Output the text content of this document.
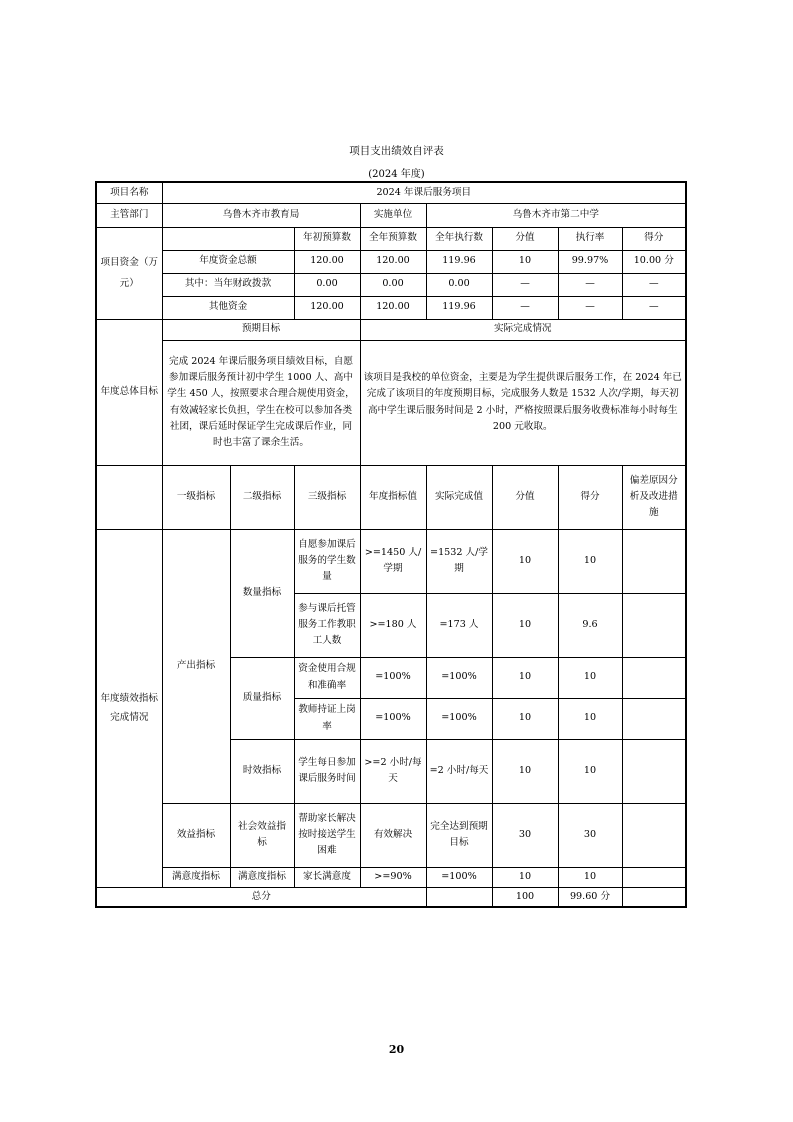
项目支出绩效自评表
(2024 年度)
项目名称	2024 年课后服务项目							
主管部门	乌鲁木齐市教育局			实施单位	乌鲁木齐市第二中学			
项目资金（万元）			年初预算数	全年预算数	全年执行数	分值	执行率	得分
	年度资金总额		120.00	120.00	119.96	10	99.97%	10.00 分
	其中：当年财政拨款		0.00	0.00	0.00	—	—	—
	其他资金		120.00	120.00	119.96	—	—	—
年度总体目标	预期目标			实际完成情况				
	完成 2024 年课后服务项目绩效目标，自愿参加课后服务预计初中学生 1000 人、高中学生 450 人，按照要求合理合规使用资金，有效减轻家长负担，学生在校可以参加各类社团，课后延时保证学生完成课后作业，同时也丰富了课余生活。			该项目是我校的单位资金，主要是为学生提供课后服务工作，在 2024 年已完成了该项目的年度预期目标，完成服务人数是 1532 人次/学期，每天初高中学生课后服务时间是 2 小时，严格按照课后服务收费标准每小时每生 200 元收取。				
	一级指标	二级指标	三级指标	年度指标值	实际完成值	分值	得分	偏差原因分析及改进措施
年度绩效指标完成情况	产出指标	数量指标	自愿参加课后服务的学生数量	>=1450 人/学期	=1532 人/学期	10	10	
			参与课后托管服务工作教职工人数	>=180 人	=173 人	10	9.6	
		质量指标	资金使用合规和准确率	=100%	=100%	10	10	
			教师持证上岗率	=100%	=100%	10	10	
		时效指标	学生每日参加课后服务时间	>=2 小时/每天	=2 小时/每天	10	10	
	效益指标	社会效益指标	帮助家长解决按时接送学生困难	有效解决	完全达到预期目标	30	30	
	满意度指标	满意度指标	家长满意度	>=90%	=100%	10	10	
总分						100	99.60 分	
20
